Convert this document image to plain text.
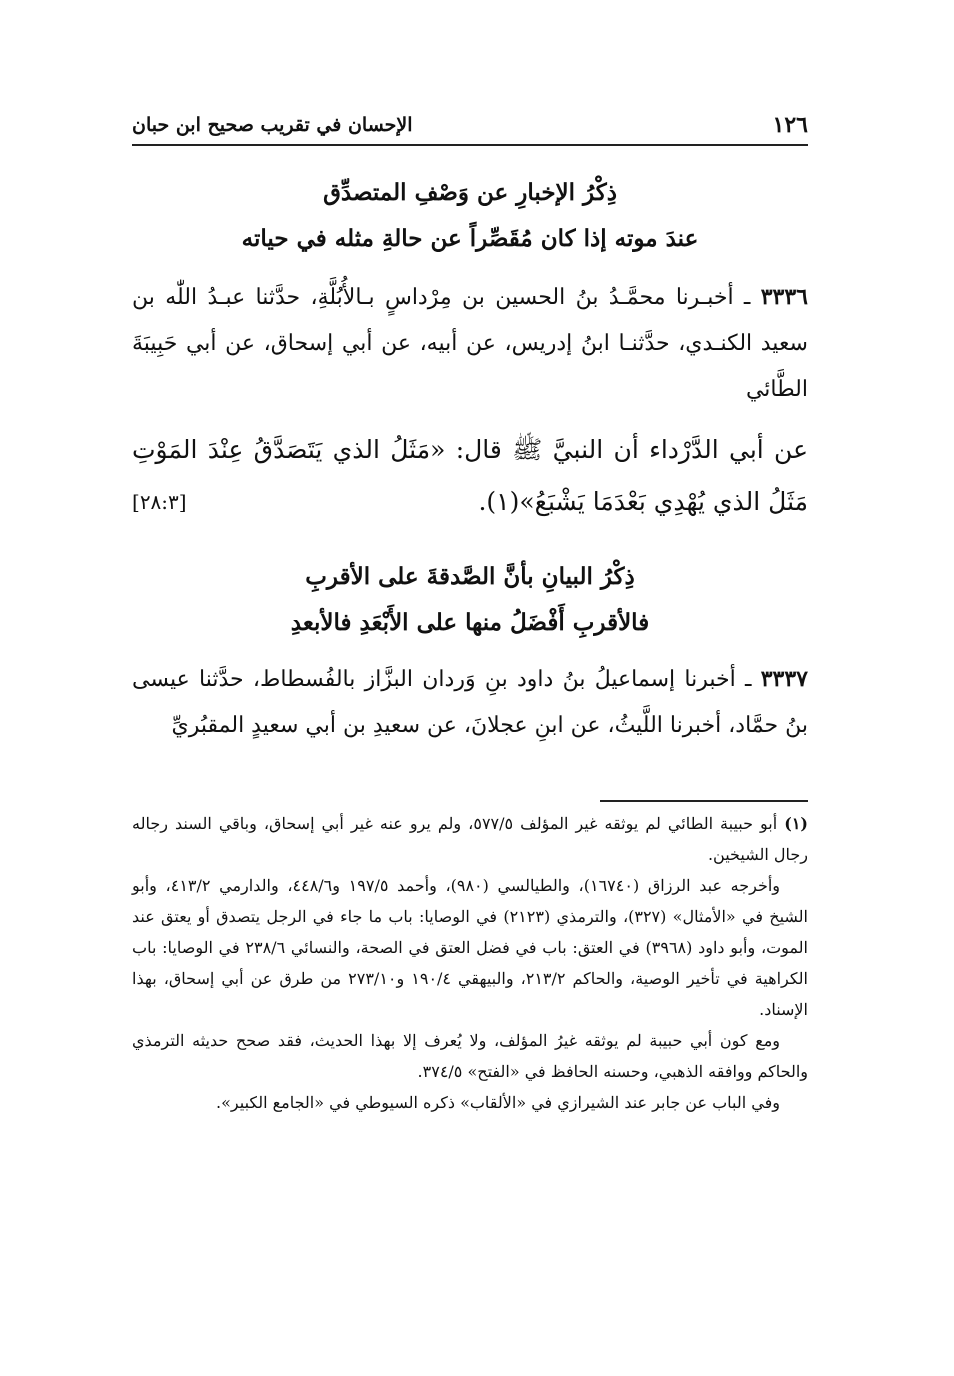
١٢٦
الإحسان في تقريب صحيح ابن حبان
ذِكْرُ الإخبارِ عن وَصْفِ المتصدِّق
عندَ موته إذا كان مُقَصِّراً عن حالةِ مثله في حياته
٣٣٣٦ ـ أخبـرنا محمَّـدُ بنُ الحسين بن مِرْداسٍ بـالأُبُلَّةِ، حدَّثنا عبـدُ اللّٰه بن سعيد الكنـدي، حدَّثنـا ابنُ إدريس، عن أبيه، عن أبي إسحاق، عن أبي حَبِيبَةَ الطَّائي
عن أبي الدَّرْداء أن النبيَّ ﷺ قال: «مَثَلُ الذي يَتَصَدَّقُ عِنْدَ المَوْتِ مَثَلُ الذي يُهْدِي بَعْدَمَا يَشْبَعُ»(١).
[٢٨:٣]
ذِكْرُ البيانِ بأنَّ الصَّدقةَ على الأقربِ
فالأقربِ أَفْضَلُ منها على الأَبْعَدِ فالأبعدِ
٣٣٣٧ ـ أخبرنا إسماعيلُ بنُ داود بنِ وَردان البزَّاز بالفُسطاط، حدَّثنا عيسى بنُ حمَّاد، أخبرنا اللَّيثُ، عن ابنِ عجلانَ، عن سعيدِ بن أبي سعيدٍ المقبُريِّ

(١) أبو حبيبة الطائي لم يوثقه غير المؤلف ٥٧٧/٥، ولم يرو عنه غير أبي إسحاق، وباقي السند رجاله رجال الشيخين.

وأخرجه عبد الرزاق (١٦٧٤٠)، والطيالسي (٩٨٠)، وأحمد ١٩٧/٥ و٤٤٨/٦، والدارمي ٤١٣/٢، وأبو الشيخ في «الأمثال» (٣٢٧)، والترمذي (٢١٢٣) في الوصايا: باب ما جاء في الرجل يتصدق أو يعتق عند الموت، وأبو داود (٣٩٦٨) في العتق: باب في فضل العتق في الصحة، والنسائي ٢٣٨/٦ في الوصايا: باب الكراهية في تأخير الوصية، والحاكم ٢١٣/٢، والبيهقي ١٩٠/٤ و٢٧٣/١٠ من طرق عن أبي إسحاق، بهذا الإسناد.

ومع كون أبي حبيبة لم يوثقه غيرُ المؤلف، ولا يُعرف إلا بهذا الحديث، فقد صحح حديثه الترمذي والحاكم ووافقه الذهبي، وحسنه الحافظ في «الفتح» ٣٧٤/٥.

وفي الباب عن جابر عند الشيرازي في «الألقاب» ذكره السيوطي في «الجامع الكبير».
